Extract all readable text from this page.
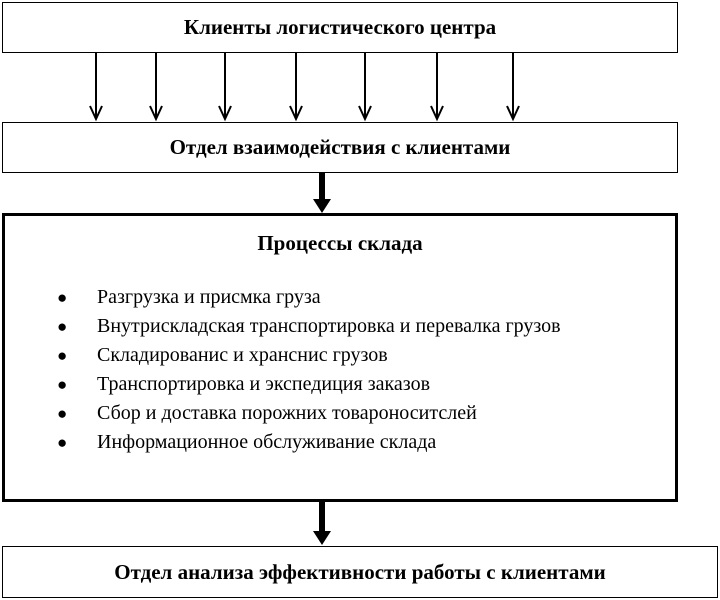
Клиенты логистического центра
Отдел взаимодействия с клиентами
Процессы склада
● Разгрузка и присмка груза
● Внутрискладская транспортировка и перевалка грузов
● Складированис и хранснис грузов
● Транспортировка и экспедиция заказов
● Сбор и доставка порожних товароноситслей
● Информационное обслуживание склада
Отдел анализа эффективности работы с клиентами
